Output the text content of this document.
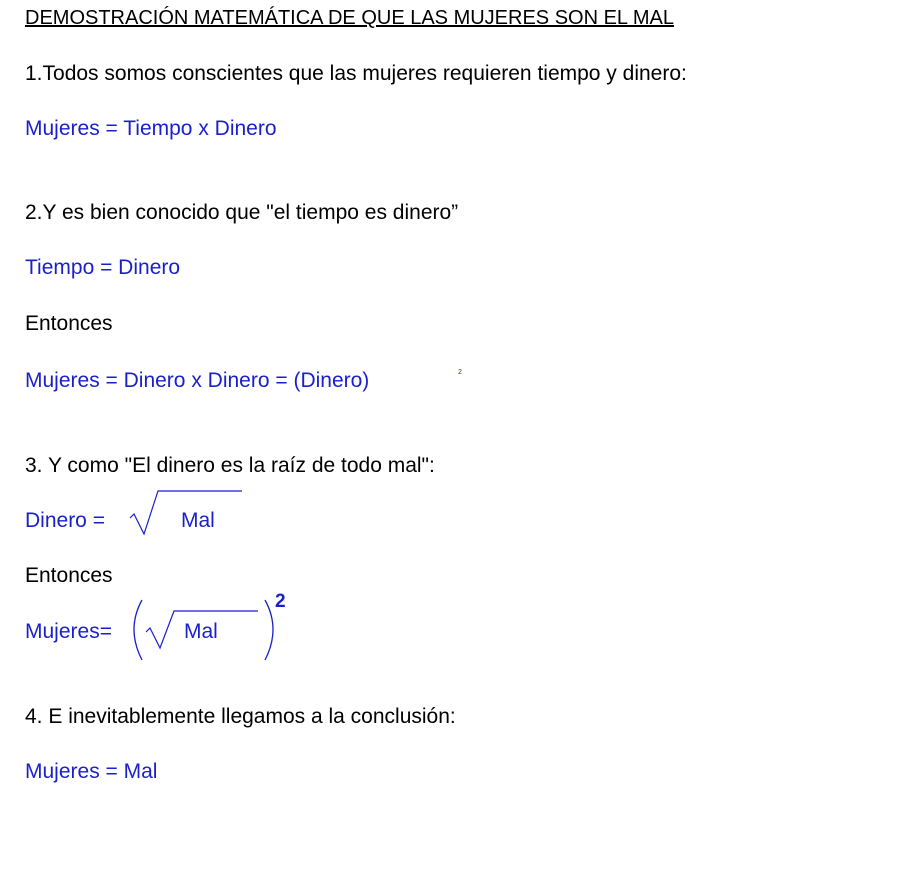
DEMOSTRACIÓN MATEMÁTICA DE QUE LAS MUJERES SON EL MAL
1.Todos somos conscientes que las mujeres requieren tiempo y dinero:
Mujeres = Tiempo x Dinero
2.Y es bien conocido que "el tiempo es dinero”
Tiempo = Dinero
Entonces
Mujeres = Dinero x Dinero = (Dinero)	2
3. Y como "El dinero es la raíz de todo mal":
Dinero =	Mal
Entonces
Mujeres=	Mal
2
4. E inevitablemente llegamos a la conclusión:
Mujeres = Mal
